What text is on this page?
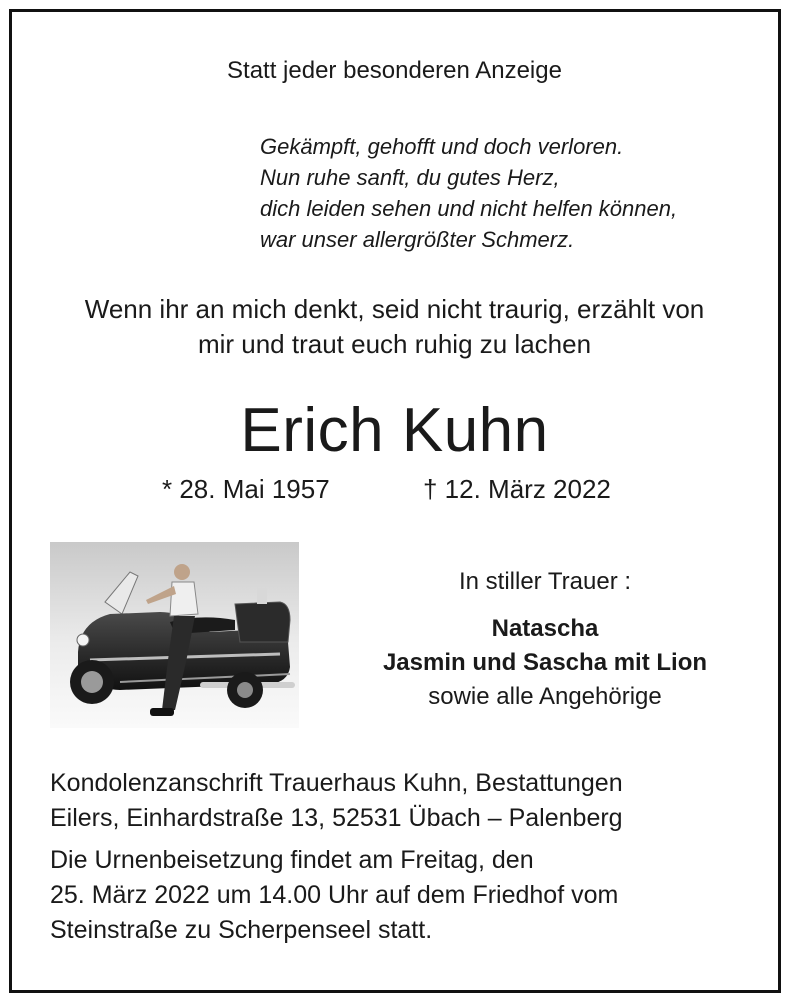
Statt jeder besonderen Anzeige
Gekämpft, gehofft und doch verloren.
Nun ruhe sanft, du gutes Herz,
dich leiden sehen und nicht helfen können,
war unser allergrößter Schmerz.
Wenn ihr an mich denkt, seid nicht traurig, erzählt von
mir und traut euch ruhig zu lachen
Erich Kuhn
* 28. Mai 1957	† 12. März 2022
In stiller Trauer :
Natascha
Jasmin und Sascha mit Lion
sowie alle Angehörige
Kondolenzanschrift Trauerhaus Kuhn, Bestattungen
Eilers, Einhardstraße 13, 52531 Übach – Palenberg
Die Urnenbeisetzung findet am Freitag, den
25. März 2022 um 14.00 Uhr auf dem Friedhof vom
Steinstraße zu Scherpenseel statt.
